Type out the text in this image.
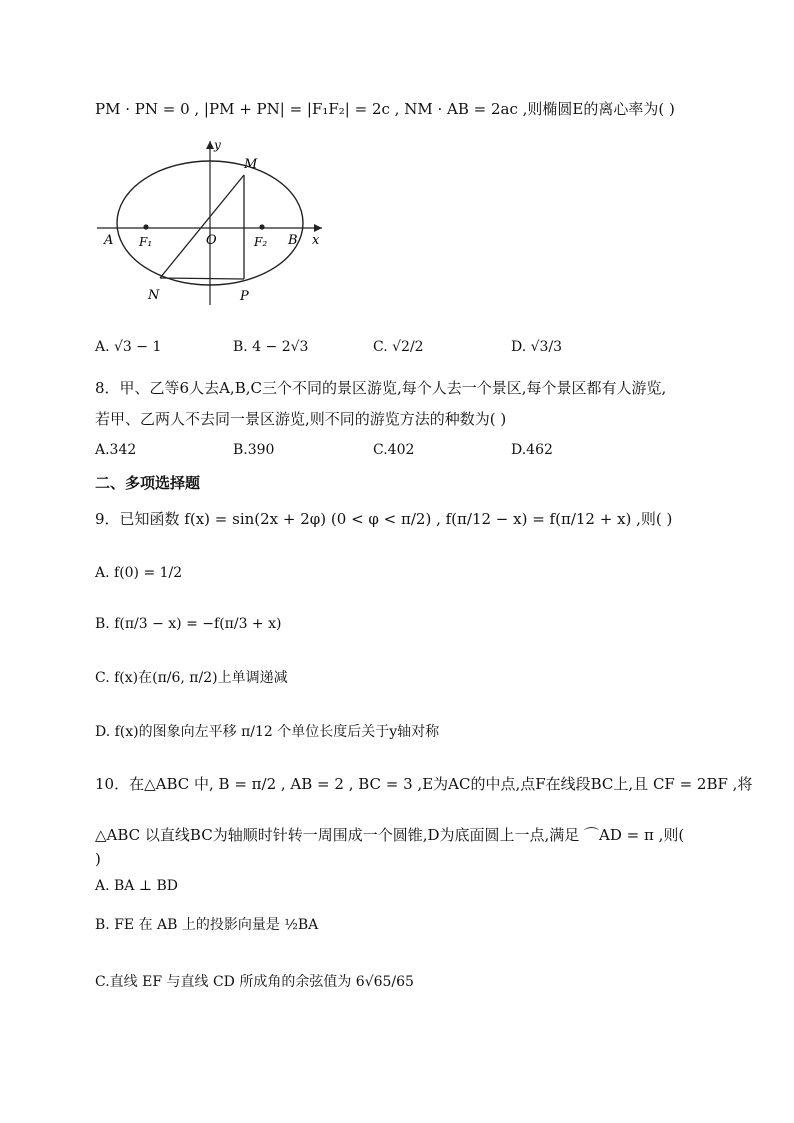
PM · PN = 0 , |PM + PN| = |F₁F₂| = 2c , NM · AB = 2ac ,则椭圆E的离心率为( )
y
x
M
N	P
A	B
O
F₁	F₂
A. √3 − 1	B. 4 − 2√3	C. √2/2	D. √3/3
8．甲、乙等6人去A,B,C三个不同的景区游览,每个人去一个景区,每个景区都有人游览,
若甲、乙两人不去同一景区游览,则不同的游览方法的种数为( )
A.342	B.390	C.402	D.462
二、多项选择题
9．已知函数 f(x) = sin(2x + 2φ) (0 < φ < π/2) , f(π/12 − x) = f(π/12 + x) ,则( )
A. f(0) = 1/2
B. f(π/3 − x) = −f(π/3 + x)
C. f(x)在(π/6, π/2)上单调递减
D. f(x)的图象向左平移 π/12 个单位长度后关于y轴对称
10．在△ABC 中, B = π/2 , AB = 2 , BC = 3 ,E为AC的中点,点F在线段BC上,且 CF = 2BF ,将
△ABC 以直线BC为轴顺时针转一周围成一个圆锥,D为底面圆上一点,满足 ⌒AD = π ,则(
)
A. BA ⊥ BD
B. FE 在 AB 上的投影向量是 ½BA
C.直线 EF 与直线 CD 所成角的余弦值为 6√65/65
